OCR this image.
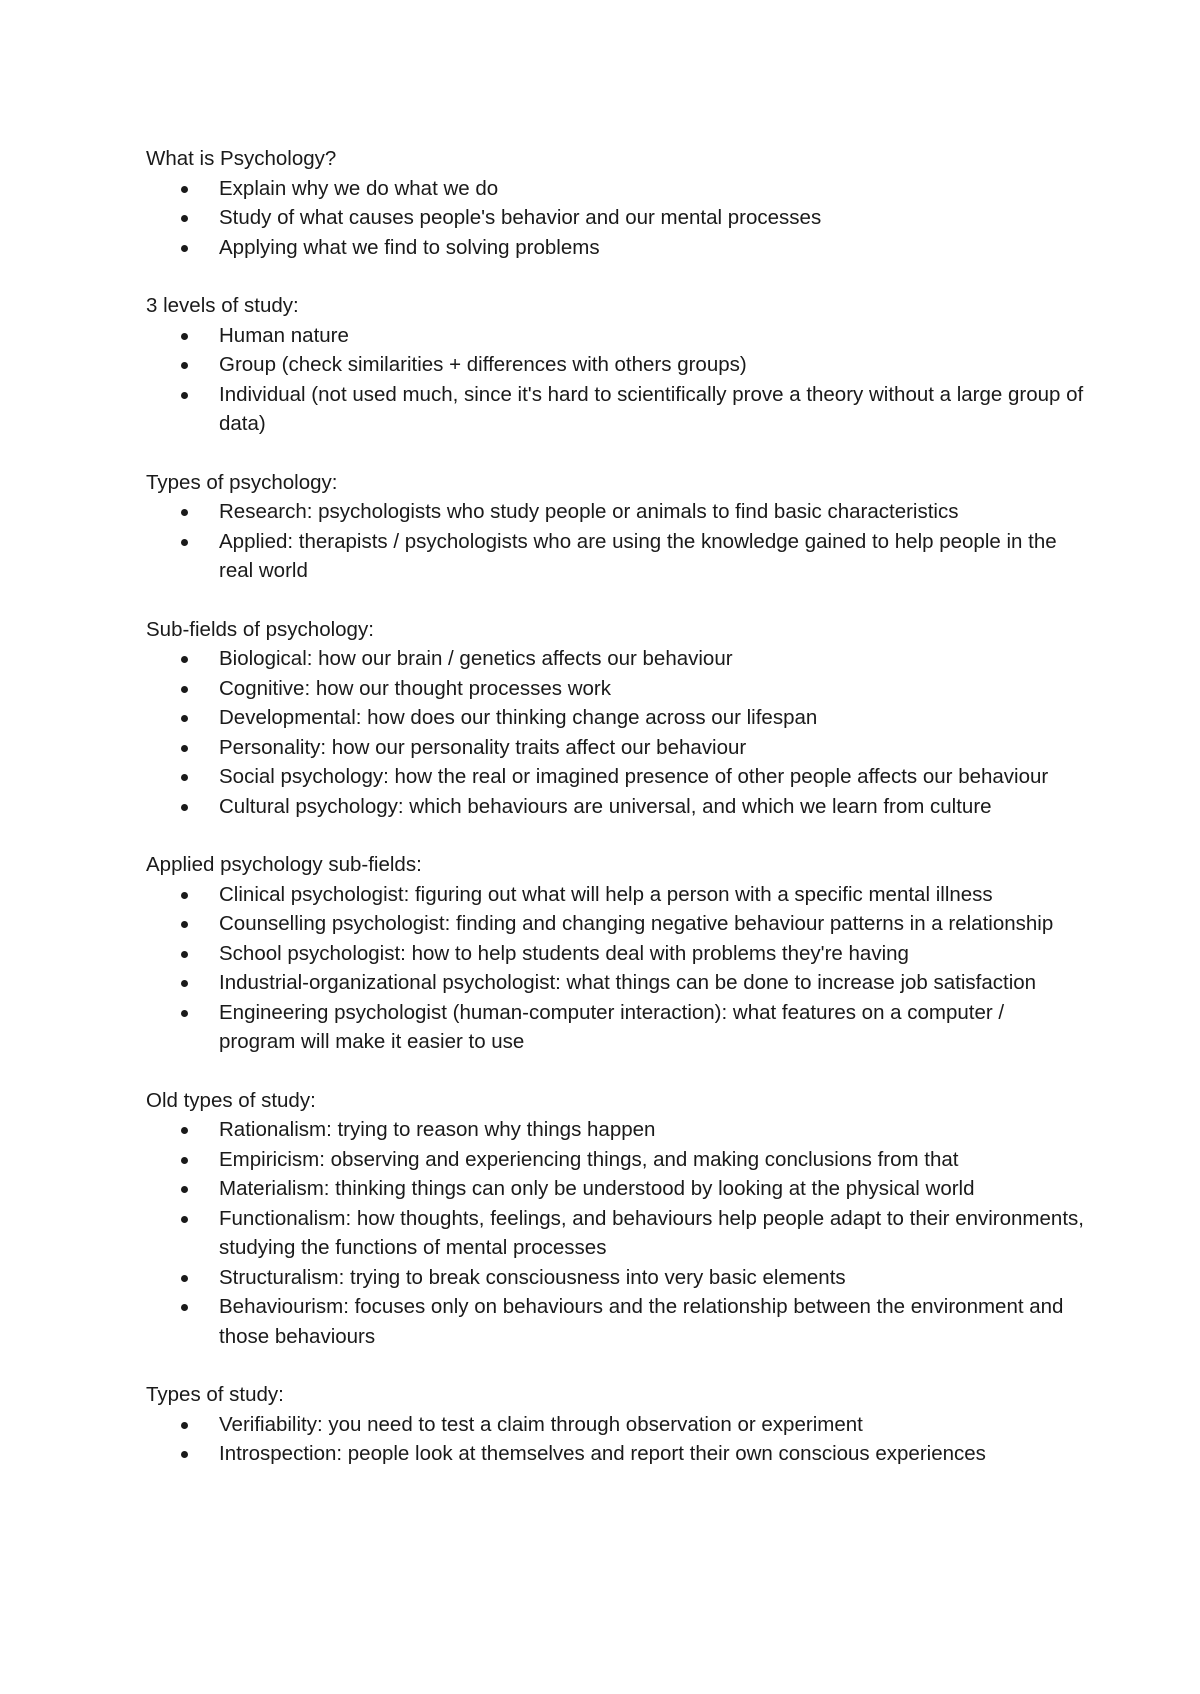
What is Psychology?

Explain why we do what we do
Study of what causes people's behavior and our mental processes
Applying what we find to solving problems

3 levels of study:

Human nature
Group (check similarities + differences with others groups)
Individual (not used much, since it's hard to scientifically prove a theory without a large group of data)

Types of psychology:

Research: psychologists who study people or animals to find basic characteristics
Applied: therapists / psychologists who are using the knowledge gained to help people in the real world

Sub-fields of psychology:

Biological: how our brain / genetics affects our behaviour
Cognitive: how our thought processes work
Developmental: how does our thinking change across our lifespan
Personality: how our personality traits affect our behaviour
Social psychology: how the real or imagined presence of other people affects our behaviour
Cultural psychology: which behaviours are universal, and which we learn from culture

Applied psychology sub-fields:

Clinical psychologist: figuring out what will help a person with a specific mental illness
Counselling psychologist: finding and changing negative behaviour patterns in a relationship
School psychologist: how to help students deal with problems they're having
Industrial-organizational psychologist: what things can be done to increase job satisfaction
Engineering psychologist (human-computer interaction): what features on a computer / program will make it easier to use

Old types of study:

Rationalism: trying to reason why things happen
Empiricism: observing and experiencing things, and making conclusions from that
Materialism: thinking things can only be understood by looking at the physical world
Functionalism: how thoughts, feelings, and behaviours help people adapt to their environments, studying the functions of mental processes
Structuralism: trying to break consciousness into very basic elements
Behaviourism: focuses only on behaviours and the relationship between the environment and those behaviours

Types of study:

Verifiability: you need to test a claim through observation or experiment
Introspection: people look at themselves and report their own conscious experiences
